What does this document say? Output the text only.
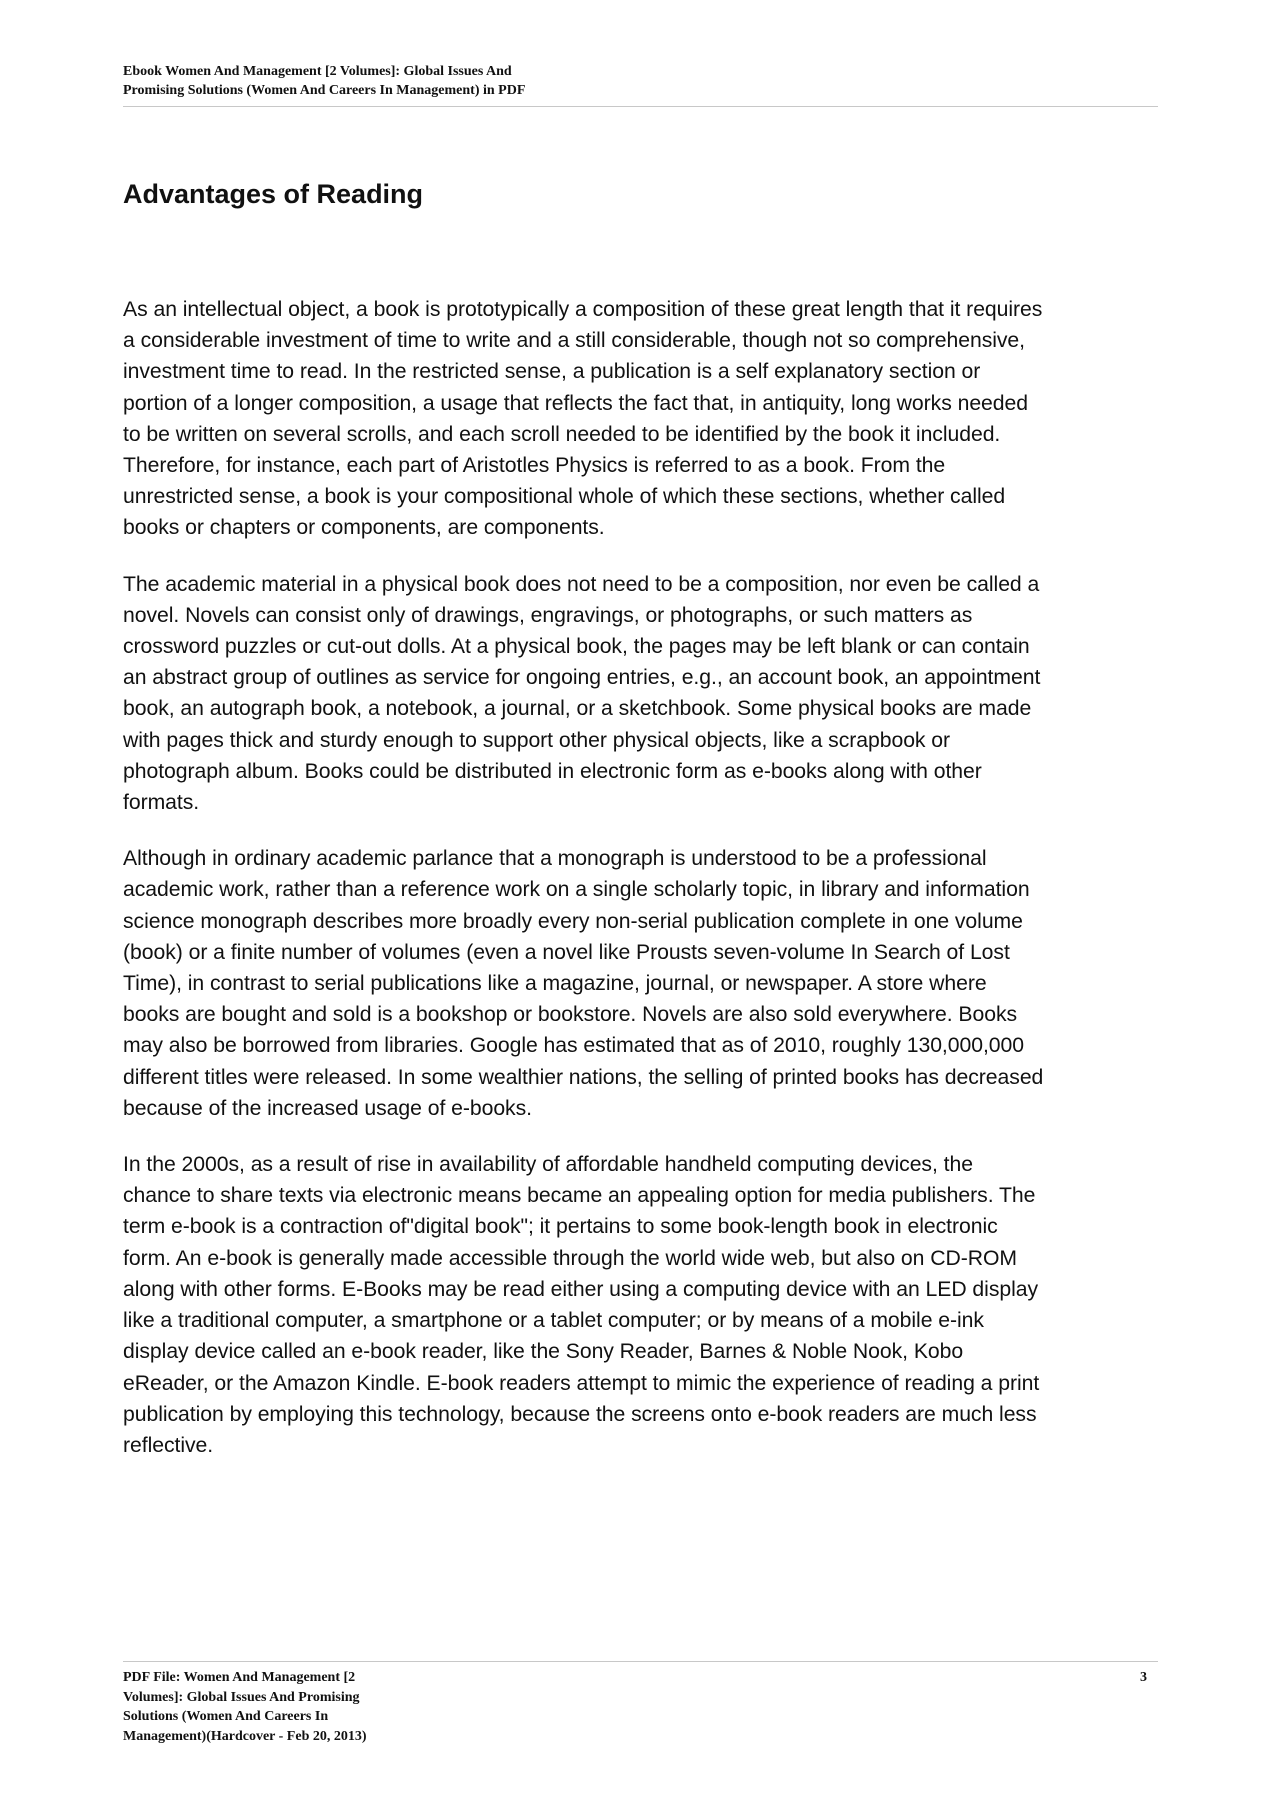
Ebook Women And Management [2 Volumes]: Global Issues And
Promising Solutions (Women And Careers In Management) in PDF
Advantages of Reading

As an intellectual object, a book is prototypically a composition of these great length that it requires
a considerable investment of time to write and a still considerable, though not so comprehensive,
investment time to read. In the restricted sense, a publication is a self explanatory section or
portion of a longer composition, a usage that reflects the fact that, in antiquity, long works needed
to be written on several scrolls, and each scroll needed to be identified by the book it included.
Therefore, for instance, each part of Aristotles Physics is referred to as a book. From the
unrestricted sense, a book is your compositional whole of which these sections, whether called
books or chapters or components, are components.

The academic material in a physical book does not need to be a composition, nor even be called a
novel. Novels can consist only of drawings, engravings, or photographs, or such matters as
crossword puzzles or cut-out dolls. At a physical book, the pages may be left blank or can contain
an abstract group of outlines as service for ongoing entries, e.g., an account book, an appointment
book, an autograph book, a notebook, a journal, or a sketchbook. Some physical books are made
with pages thick and sturdy enough to support other physical objects, like a scrapbook or
photograph album. Books could be distributed in electronic form as e-books along with other
formats.

Although in ordinary academic parlance that a monograph is understood to be a professional
academic work, rather than a reference work on a single scholarly topic, in library and information
science monograph describes more broadly every non-serial publication complete in one volume
(book) or a finite number of volumes (even a novel like Prousts seven-volume In Search of Lost
Time), in contrast to serial publications like a magazine, journal, or newspaper. A store where
books are bought and sold is a bookshop or bookstore. Novels are also sold everywhere. Books
may also be borrowed from libraries. Google has estimated that as of 2010, roughly 130,000,000
different titles were released. In some wealthier nations, the selling of printed books has decreased
because of the increased usage of e-books.

In the 2000s, as a result of rise in availability of affordable handheld computing devices, the
chance to share texts via electronic means became an appealing option for media publishers. The
term e-book is a contraction of"digital book"; it pertains to some book-length book in electronic
form. An e-book is generally made accessible through the world wide web, but also on CD-ROM
along with other forms. E-Books may be read either using a computing device with an LED display
like a traditional computer, a smartphone or a tablet computer; or by means of a mobile e-ink
display device called an e-book reader, like the Sony Reader, Barnes & Noble Nook, Kobo
eReader, or the Amazon Kindle. E-book readers attempt to mimic the experience of reading a print
publication by employing this technology, because the screens onto e-book readers are much less
reflective.

PDF File: Women And Management [2
Volumes]: Global Issues And Promising
Solutions (Women And Careers In
Management)(Hardcover - Feb 20, 2013)
3
